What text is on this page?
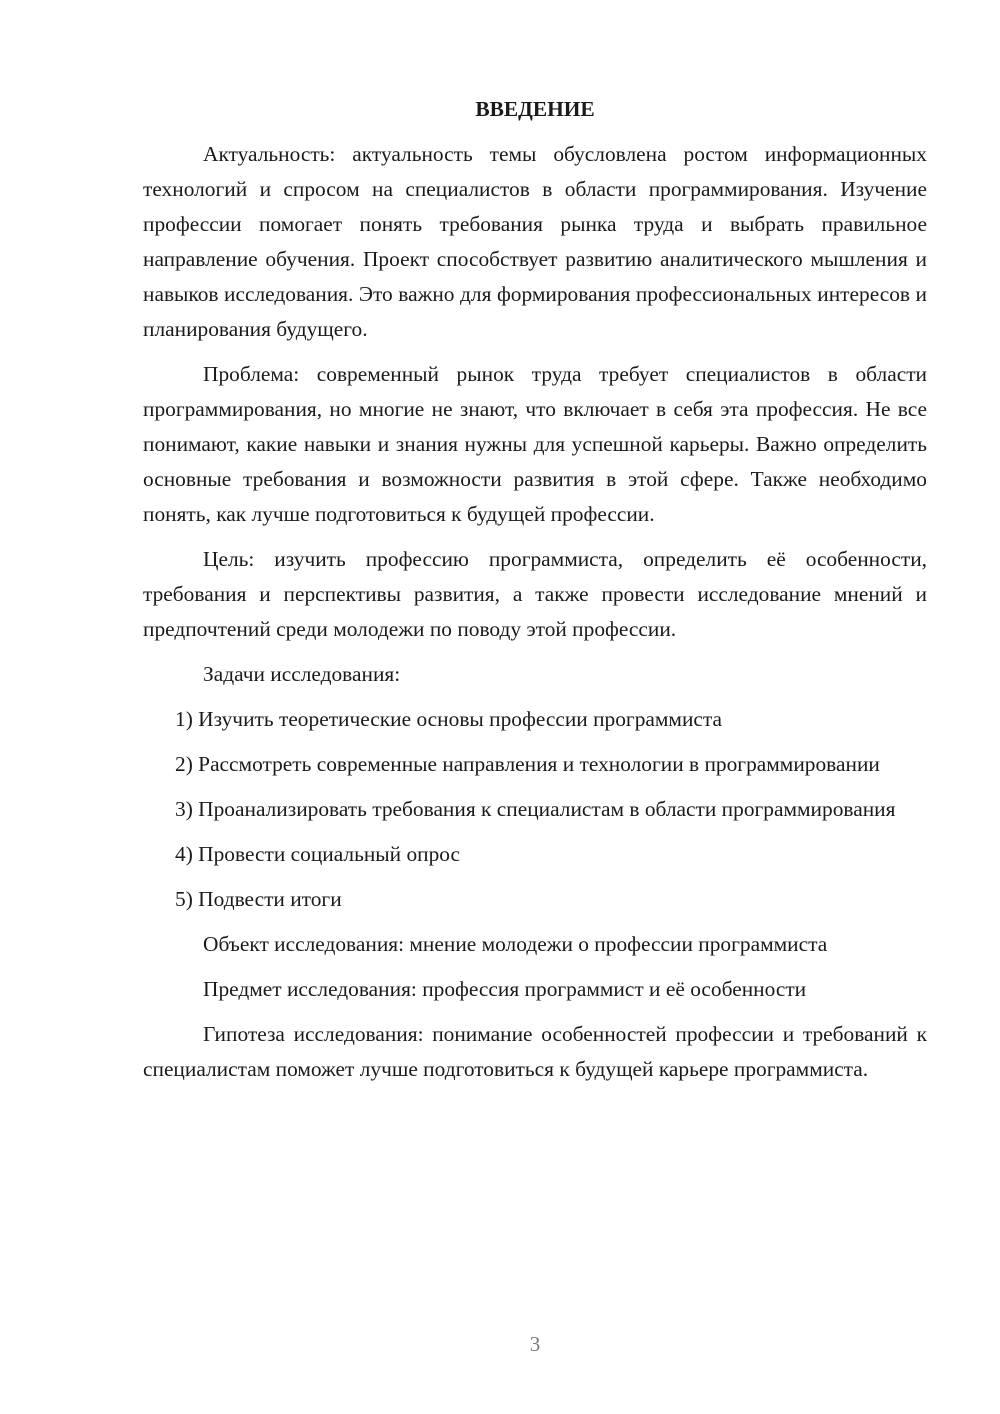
ВВЕДЕНИЕ

Актуальность: актуальность темы обусловлена ростом информационных технологий и спросом на специалистов в области программирования. Изучение профессии помогает понять требования рынка труда и выбрать правильное направление обучения. Проект способствует развитию аналитического мышления и навыков исследования. Это важно для формирования профессиональных интересов и планирования будущего.

Проблема: современный рынок труда требует специалистов в области программирования, но многие не знают, что включает в себя эта профессия. Не все понимают, какие навыки и знания нужны для успешной карьеры. Важно определить основные требования и возможности развития в этой сфере. Также необходимо понять, как лучше подготовиться к будущей профессии.

Цель: изучить профессию программиста, определить её особенности, требования и перспективы развития, а также провести исследование мнений и предпочтений среди молодежи по поводу этой профессии.

Задачи исследования:

1) Изучить теоретические основы профессии программиста

2) Рассмотреть современные направления и технологии в программировании

3) Проанализировать требования к специалистам в области программирования

4) Провести социальный опрос

5) Подвести итоги

Объект исследования: мнение молодежи о профессии программиста

Предмет исследования: профессия программист и её особенности

Гипотеза исследования: понимание особенностей профессии и требований к специалистам поможет лучше подготовиться к будущей карьере программиста.

3
